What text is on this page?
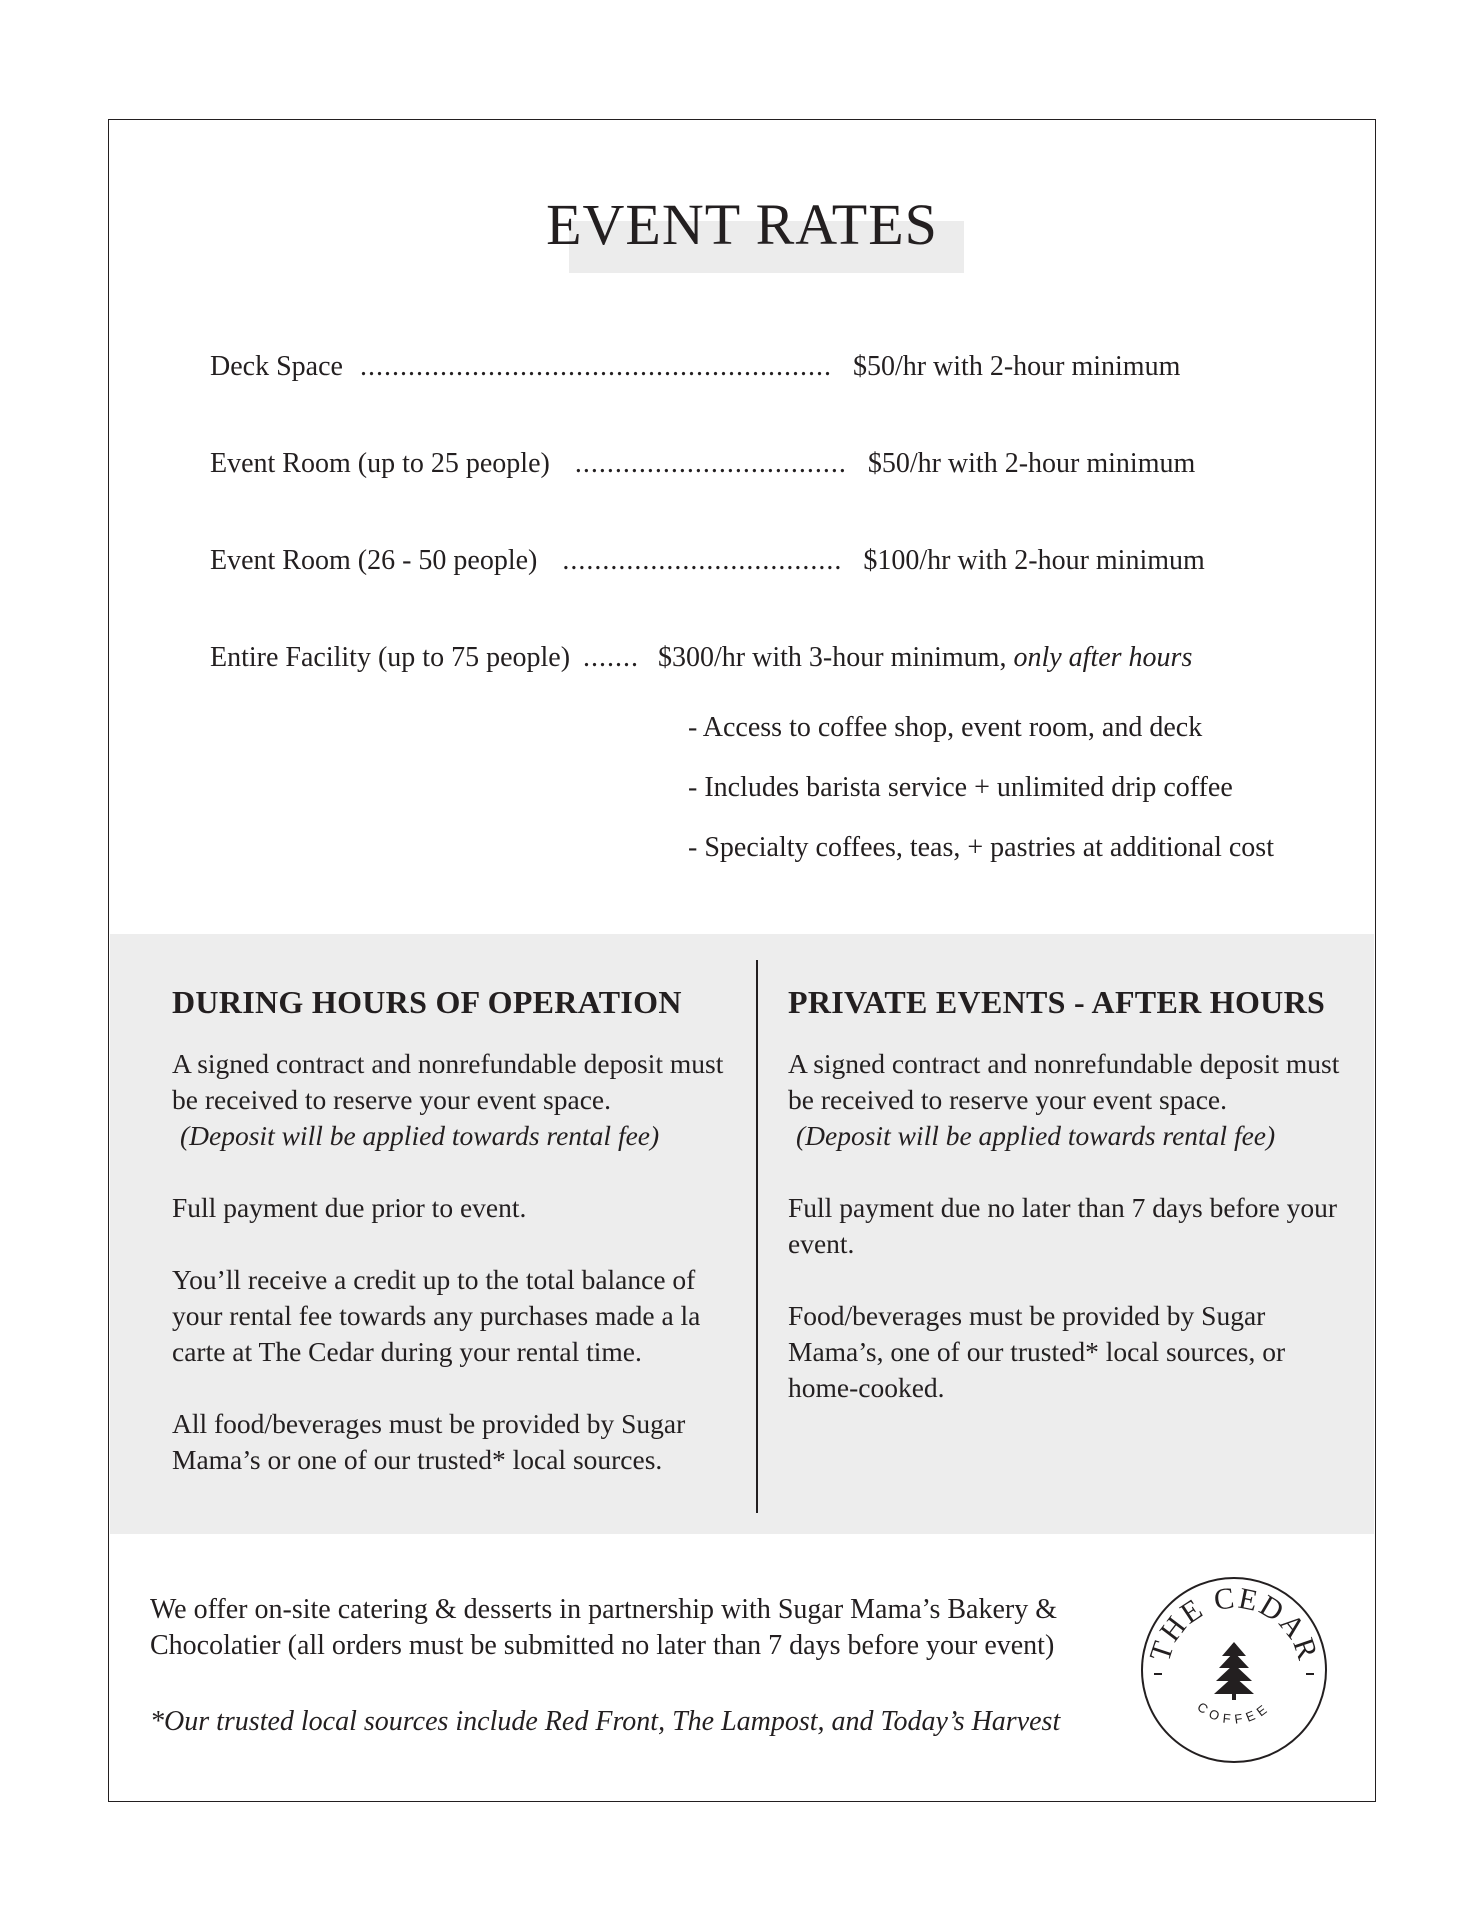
EVENT RATES
Deck Space ........................................................... $50/hr with 2-hour minimum
Event Room (up to 25 people) .................................. $50/hr with 2-hour minimum
Event Room (26 - 50 people) ................................... $100/hr with 2-hour minimum
Entire Facility (up to 75 people) ....... $300/hr with 3-hour minimum, only after hours
- Access to coffee shop, event room, and deck
- Includes barista service + unlimited drip coffee
- Specialty coffees, teas, + pastries at additional cost
DURING HOURS OF OPERATION

A signed contract and nonrefundable deposit must be received to reserve your event space.
(Deposit will be applied towards rental fee)

Full payment due prior to event.

You’ll receive a credit up to the total balance of your rental fee towards any purchases made a la carte at The Cedar during your rental time.

All food/beverages must be provided by Sugar Mama’s or one of our trusted* local sources.

PRIVATE EVENTS - AFTER HOURS

A signed contract and nonrefundable deposit must be received to reserve your event space.
(Deposit will be applied towards rental fee)

Full payment due no later than 7 days before your event.

Food/beverages must be provided by Sugar Mama’s, one of our trusted* local sources, or home-cooked.

We offer on-site catering & desserts in partnership with Sugar Mama’s Bakery & Chocolatier (all orders must be submitted no later than 7 days before your event)
*Our trusted local sources include Red Front, The Lampost, and Today’s Harvest
THE CEDAR
COFFEE
